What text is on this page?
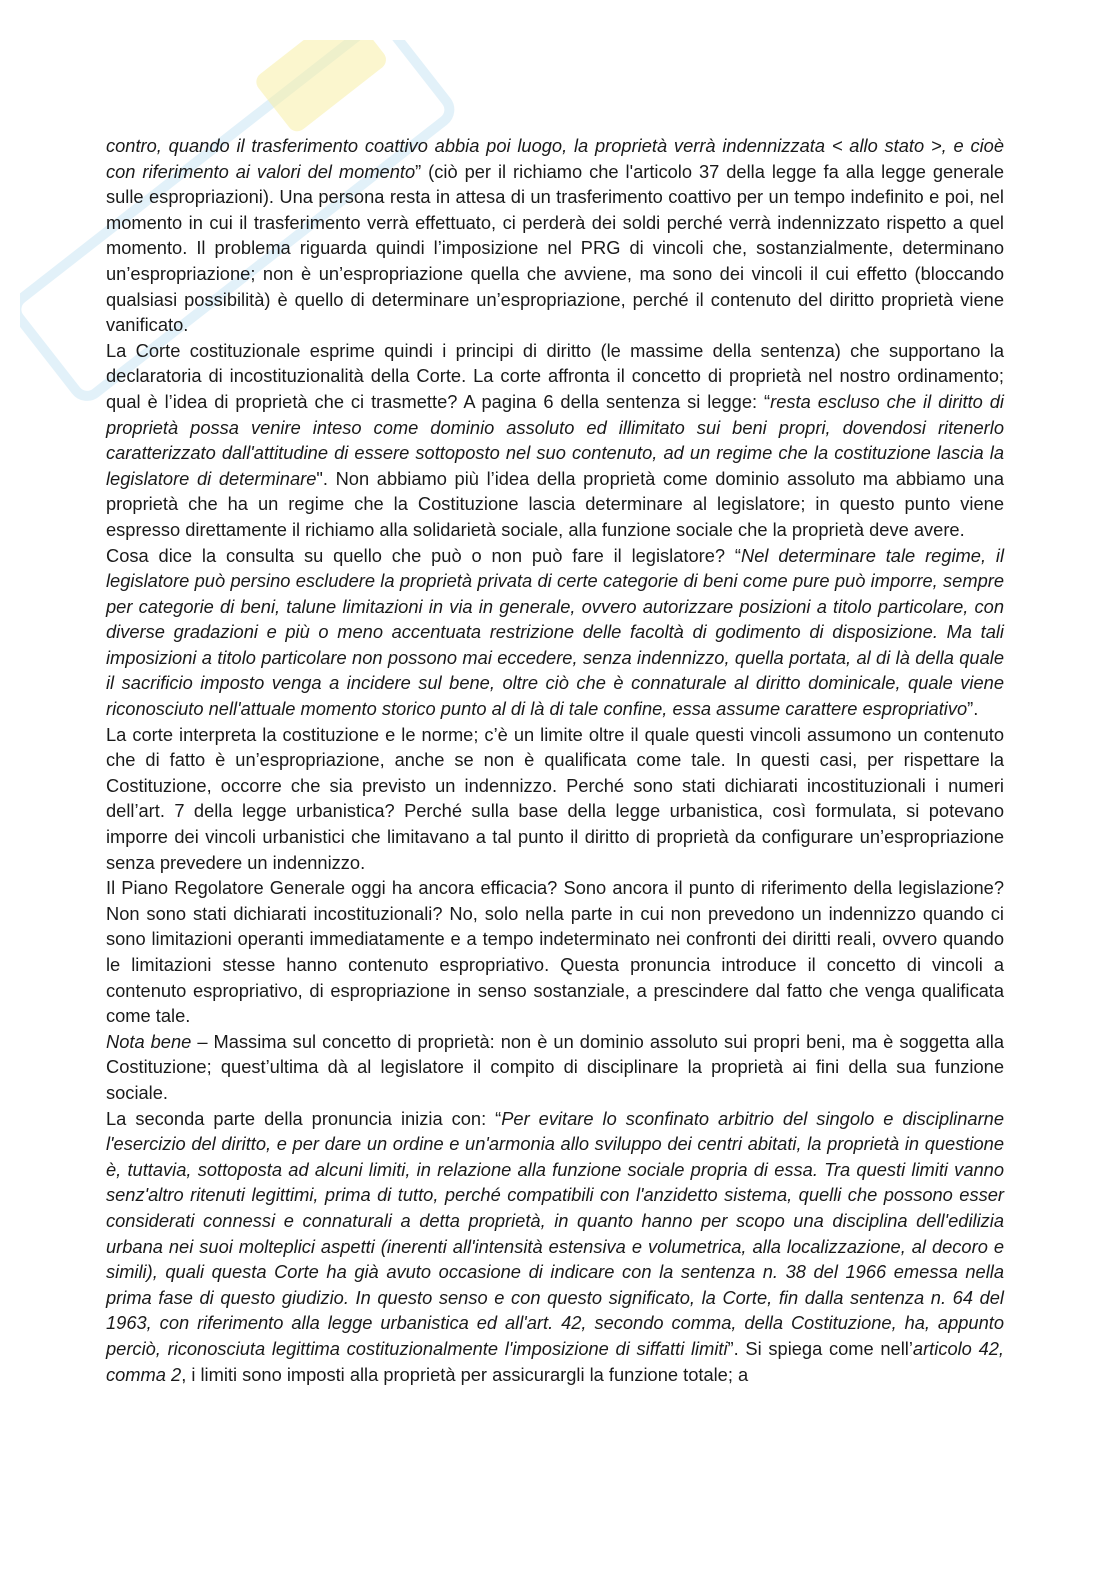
contro, quando il trasferimento coattivo abbia poi luogo, la proprietà verrà indennizzata < allo stato >, e cioè con riferimento ai valori del momento” (ciò per il richiamo che l'articolo 37 della legge fa alla legge generale sulle espropriazioni). Una persona resta in attesa di un trasferimento coattivo per un tempo indefinito e poi, nel momento in cui il trasferimento verrà effettuato, ci perderà dei soldi perché verrà indennizzato rispetto a quel momento. Il problema riguarda quindi l’imposizione nel PRG di vincoli che, sostanzialmente, determinano un’espropriazione; non è un’espropriazione quella che avviene, ma sono dei vincoli il cui effetto (bloccando qualsiasi possibilità) è quello di determinare un’espropriazione, perché il contenuto del diritto proprietà viene vanificato.

La Corte costituzionale esprime quindi i principi di diritto (le massime della sentenza) che supportano la declaratoria di incostituzionalità della Corte. La corte affronta il concetto di proprietà nel nostro ordinamento; qual è l’idea di proprietà che ci trasmette? A pagina 6 della sentenza si legge: “resta escluso che il diritto di proprietà possa venire inteso come dominio assoluto ed illimitato sui beni propri, dovendosi ritenerlo caratterizzato dall'attitudine di essere sottoposto nel suo contenuto, ad un regime che la costituzione lascia la legislatore di determinare". Non abbiamo più l’idea della proprietà come dominio assoluto ma abbiamo una proprietà che ha un regime che la Costituzione lascia determinare al legislatore; in questo punto viene espresso direttamente il richiamo alla solidarietà sociale, alla funzione sociale che la proprietà deve avere.

Cosa dice la consulta su quello che può o non può fare il legislatore? “Nel determinare tale regime, il legislatore può persino escludere la proprietà privata di certe categorie di beni come pure può imporre, sempre per categorie di beni, talune limitazioni in via in generale, ovvero autorizzare posizioni a titolo particolare, con diverse gradazioni e più o meno accentuata restrizione delle facoltà di godimento di disposizione. Ma tali imposizioni a titolo particolare non possono mai eccedere, senza indennizzo, quella portata, al di là della quale il sacrificio imposto venga a incidere sul bene, oltre ciò che è connaturale al diritto dominicale, quale viene riconosciuto nell'attuale momento storico punto al di là di tale confine, essa assume carattere espropriativo”.

La corte interpreta la costituzione e le norme; c’è un limite oltre il quale questi vincoli assumono un contenuto che di fatto è un’espropriazione, anche se non è qualificata come tale. In questi casi, per rispettare la Costituzione, occorre che sia previsto un indennizzo. Perché sono stati dichiarati incostituzionali i numeri dell’art. 7 della legge urbanistica? Perché sulla base della legge urbanistica, così formulata, si potevano imporre dei vincoli urbanistici che limitavano a tal punto il diritto di proprietà da configurare un’espropriazione senza prevedere un indennizzo.

Il Piano Regolatore Generale oggi ha ancora efficacia? Sono ancora il punto di riferimento della legislazione? Non sono stati dichiarati incostituzionali? No, solo nella parte in cui non prevedono un indennizzo quando ci sono limitazioni operanti immediatamente e a tempo indeterminato nei confronti dei diritti reali, ovvero quando le limitazioni stesse hanno contenuto espropriativo. Questa pronuncia introduce il concetto di vincoli a contenuto espropriativo, di espropriazione in senso sostanziale, a prescindere dal fatto che venga qualificata come tale.

Nota bene – Massima sul concetto di proprietà: non è un dominio assoluto sui propri beni, ma è soggetta alla Costituzione; quest’ultima dà al legislatore il compito di disciplinare la proprietà ai fini della sua funzione sociale.

La seconda parte della pronuncia inizia con: “Per evitare lo sconfinato arbitrio del singolo e disciplinarne l'esercizio del diritto, e per dare un ordine e un'armonia allo sviluppo dei centri abitati, la proprietà in questione è, tuttavia, sottoposta ad alcuni limiti, in relazione alla funzione sociale propria di essa. Tra questi limiti vanno senz'altro ritenuti legittimi, prima di tutto, perché compatibili con l'anzidetto sistema, quelli che possono esser considerati connessi e connaturali a detta proprietà, in quanto hanno per scopo una disciplina dell'edilizia urbana nei suoi molteplici aspetti (inerenti all'intensità estensiva e volumetrica, alla localizzazione, al decoro e simili), quali questa Corte ha già avuto occasione di indicare con la sentenza n. 38 del 1966 emessa nella prima fase di questo giudizio. In questo senso e con questo significato, la Corte, fin dalla sentenza n. 64 del 1963, con riferimento alla legge urbanistica ed all'art. 42, secondo comma, della Costituzione, ha, appunto perciò, riconosciuta legittima costituzionalmente l'imposizione di siffatti limiti”. Si spiega come nell’articolo 42, comma 2, i limiti sono imposti alla proprietà per assicurargli la funzione totale; a
